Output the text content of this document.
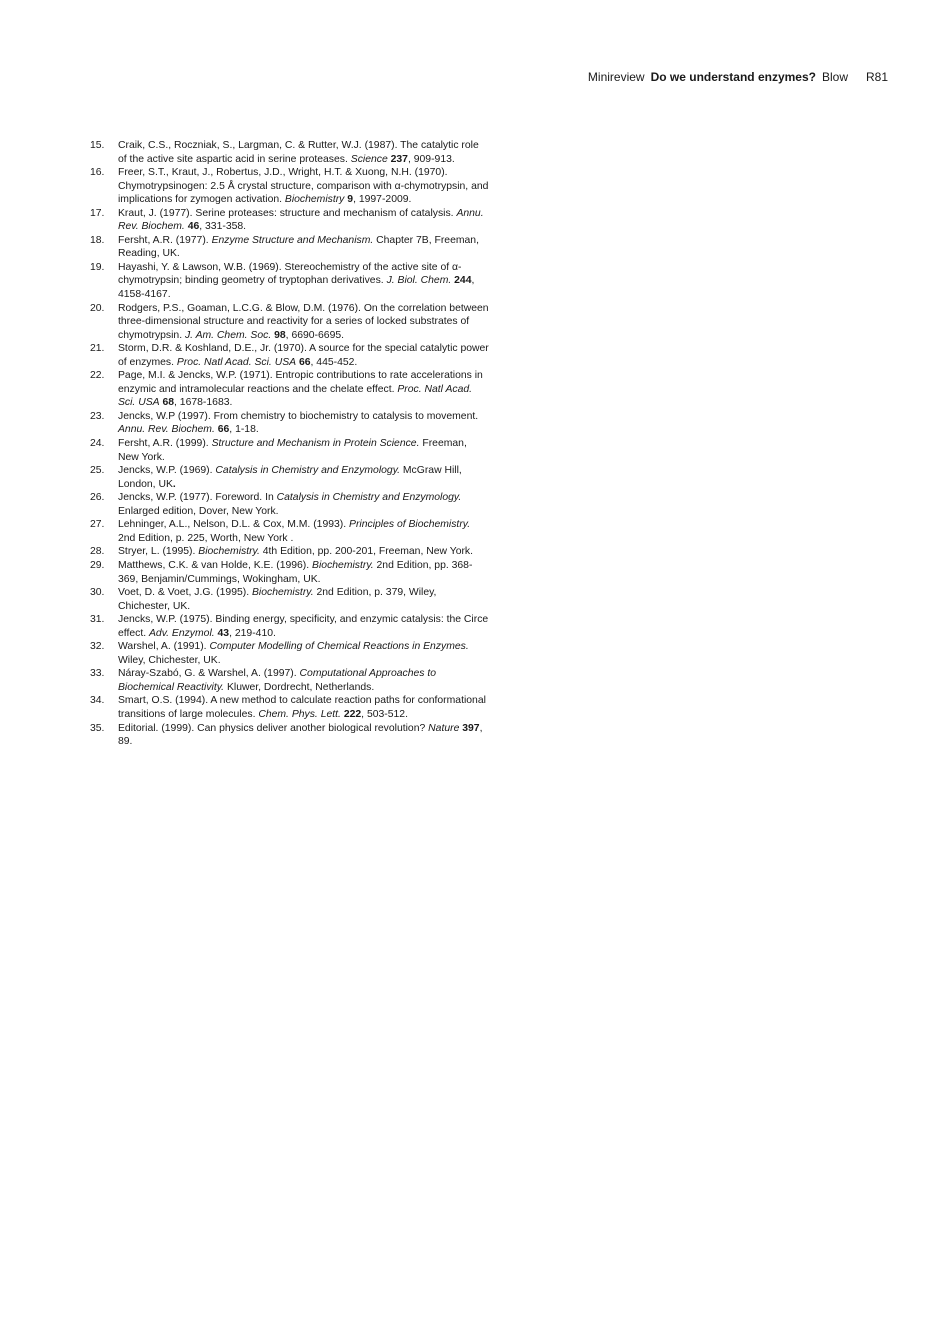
Minireview Do we understand enzymes? Blow R81
15.	Craik, C.S., Roczniak, S., Largman, C. & Rutter, W.J. (1987). The catalytic role of the active site aspartic acid in serine proteases. Science 237, 909-913.
16.	Freer, S.T., Kraut, J., Robertus, J.D., Wright, H.T. & Xuong, N.H. (1970). Chymotrypsinogen: 2.5 Å crystal structure, comparison with α-chymotrypsin, and implications for zymogen activation. Biochemistry 9, 1997-2009.
17.	Kraut, J. (1977). Serine proteases: structure and mechanism of catalysis. Annu. Rev. Biochem. 46, 331-358.
18.	Fersht, A.R. (1977). Enzyme Structure and Mechanism. Chapter 7B, Freeman, Reading, UK.
19.	Hayashi, Y. & Lawson, W.B. (1969). Stereochemistry of the active site of α-chymotrypsin; binding geometry of tryptophan derivatives. J. Biol. Chem. 244, 4158-4167.
20.	Rodgers, P.S., Goaman, L.C.G. & Blow, D.M. (1976). On the correlation between three-dimensional structure and reactivity for a series of locked substrates of chymotrypsin. J. Am. Chem. Soc. 98, 6690-6695.
21.	Storm, D.R. & Koshland, D.E., Jr. (1970). A source for the special catalytic power of enzymes. Proc. Natl Acad. Sci. USA 66, 445-452.
22.	Page, M.I. & Jencks, W.P. (1971). Entropic contributions to rate accelerations in enzymic and intramolecular reactions and the chelate effect. Proc. Natl Acad. Sci. USA 68, 1678-1683.
23.	Jencks, W.P (1997). From chemistry to biochemistry to catalysis to movement. Annu. Rev. Biochem. 66, 1-18.
24.	Fersht, A.R. (1999). Structure and Mechanism in Protein Science. Freeman, New York.
25.	Jencks, W.P. (1969). Catalysis in Chemistry and Enzymology. McGraw Hill, London, UK.
26.	Jencks, W.P. (1977). Foreword. In Catalysis in Chemistry and Enzymology. Enlarged edition, Dover, New York.
27.	Lehninger, A.L., Nelson, D.L. & Cox, M.M. (1993). Principles of Biochemistry. 2nd Edition, p. 225, Worth, New York .
28.	Stryer, L. (1995). Biochemistry. 4th Edition, pp. 200-201, Freeman, New York.
29.	Matthews, C.K. & van Holde, K.E. (1996). Biochemistry. 2nd Edition, pp. 368-369, Benjamin/Cummings, Wokingham, UK.
30.	Voet, D. & Voet, J.G. (1995). Biochemistry. 2nd Edition, p. 379, Wiley, Chichester, UK.
31.	Jencks, W.P. (1975). Binding energy, specificity, and enzymic catalysis: the Circe effect. Adv. Enzymol. 43, 219-410.
32.	Warshel, A. (1991). Computer Modelling of Chemical Reactions in Enzymes. Wiley, Chichester, UK.
33.	Náray-Szabó, G. & Warshel, A. (1997). Computational Approaches to Biochemical Reactivity. Kluwer, Dordrecht, Netherlands.
34.	Smart, O.S. (1994). A new method to calculate reaction paths for conformational transitions of large molecules. Chem. Phys. Lett. 222, 503-512.
35.	Editorial. (1999). Can physics deliver another biological revolution? Nature 397, 89.
